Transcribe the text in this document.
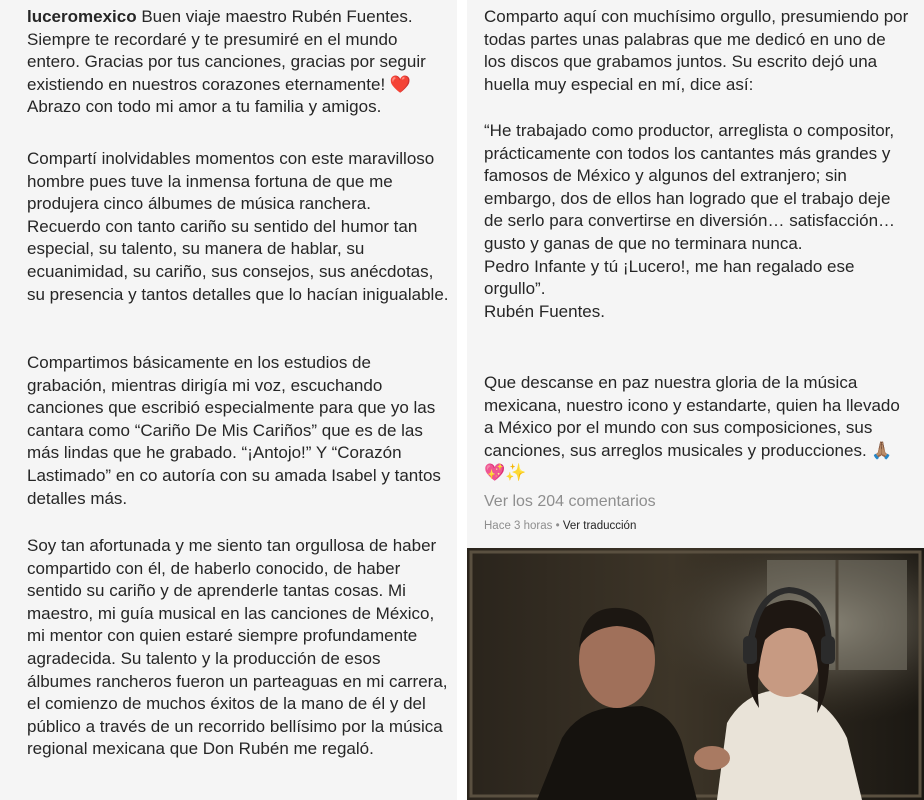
luceromexico Buen viaje maestro Rubén Fuentes. Siempre te recordaré y te presumiré en el mundo entero. Gracias por tus canciones, gracias por seguir existiendo en nuestros corazones eternamente! ❤️ Abrazo con todo mi amor a tu familia y amigos.
Compartí inolvidables momentos con este maravilloso hombre pues tuve la inmensa fortuna de que me produjera cinco álbumes de música ranchera. Recuerdo con tanto cariño su sentido del humor tan especial, su talento, su manera de hablar, su ecuanimidad, su cariño, sus consejos, sus anécdotas, su presencia y tantos detalles que lo hacían inigualable.
Compartimos básicamente en los estudios de grabación, mientras dirigía mi voz, escuchando canciones que escribió especialmente para que yo las cantara como “Cariño De Mis Cariños” que es de las más lindas que he grabado. “¡Antojo!” Y “Corazón Lastimado” en co autoría con su amada Isabel y tantos detalles más.
Soy tan afortunada y me siento tan orgullosa de haber compartido con él, de haberlo conocido, de haber sentido su cariño y de aprenderle tantas cosas. Mi maestro, mi guía musical en las canciones de México, mi mentor con quien estaré siempre profundamente agradecida. Su talento y la producción de esos álbumes rancheros fueron un parteaguas en mi carrera, el comienzo de muchos éxitos de la mano de él y del público a través de un recorrido bellísimo por la música regional mexicana que Don Rubén me regaló.
Comparto aquí con muchísimo orgullo, presumiendo por todas partes unas palabras que me dedicó en uno de los discos que grabamos juntos. Su escrito dejó una huella muy especial en mí, dice así:
“He trabajado como productor, arreglista o compositor, prácticamente con todos los cantantes más grandes y famosos de México y algunos del extranjero; sin embargo, dos de ellos han logrado que el trabajo deje de serlo para convertirse en diversión… satisfacción… gusto y ganas de que no terminara nunca.
Pedro Infante y tú ¡Lucero!, me han regalado ese orgullo”.
Rubén Fuentes.
Que descanse en paz nuestra gloria de la música mexicana, nuestro icono y estandarte, quien ha llevado a México por el mundo con sus composiciones, sus canciones, sus arreglos musicales y producciones. 🙏🏽💖✨
Ver los 204 comentarios
Hace 3 horas • Ver traducción
